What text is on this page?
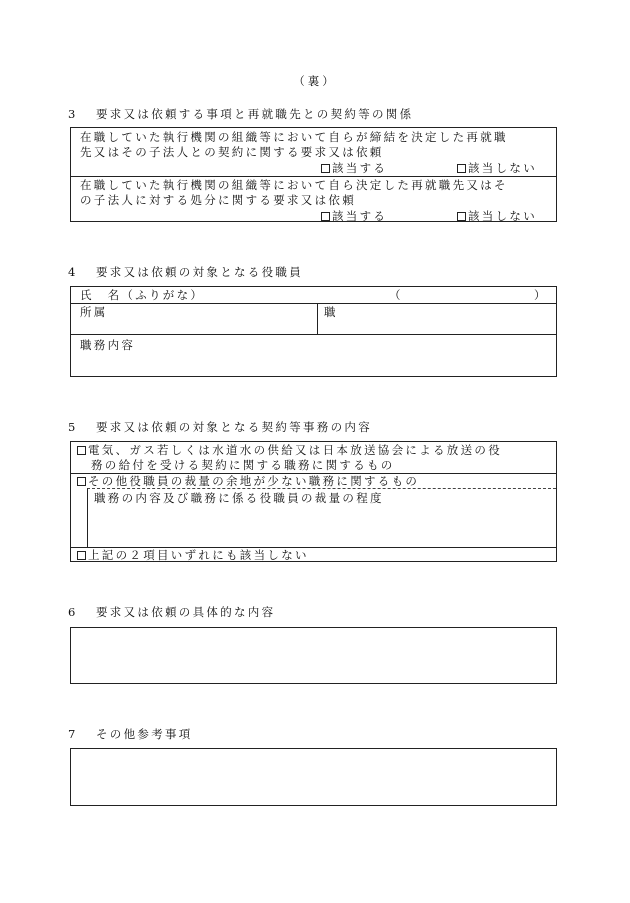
（裏）
3 要求又は依頼する事項と再就職先との契約等の関係
在職していた執行機関の組織等において自らが締結を決定した再就職
先又はその子法人との契約に関する要求又は依頼
該当する	該当しない
在職していた執行機関の組織等において自ら決定した再就職先又はそ
の子法人に対する処分に関する要求又は依頼
該当する	該当しない
4 要求又は依頼の対象となる役職員
氏　名（ふりがな）	（	）
所属	職
職務内容
5 要求又は依頼の対象となる契約等事務の内容
電気、ガス若しくは水道水の供給又は日本放送協会による放送の役
務の給付を受ける契約に関する職務に関するもの
その他役職員の裁量の余地が少ない職務に関するもの
職務の内容及び職務に係る役職員の裁量の程度
上記の２項目いずれにも該当しない
6 要求又は依頼の具体的な内容
7 その他参考事項
